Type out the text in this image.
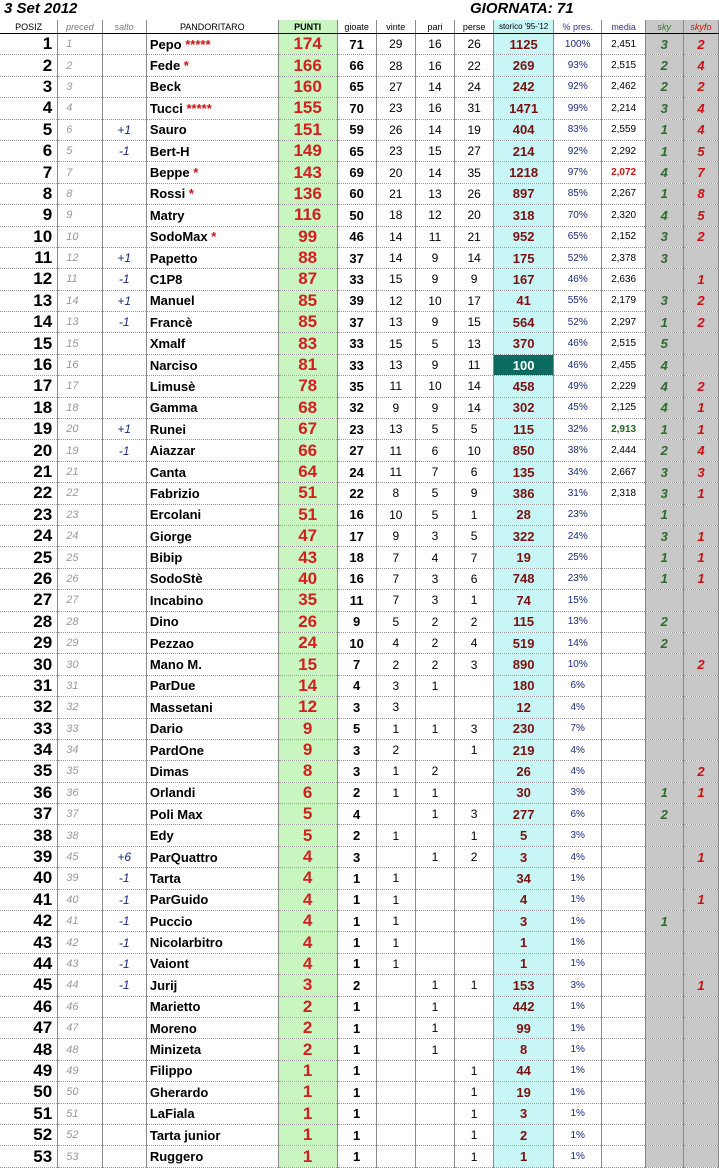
3 Set 2012	GIORNATA: 71
POSIZ	preced	salto	PANDORITARO	PUNTI	gioate	vinte	pari	perse	storico '95-'12	% pres.	media	sky	skyfo
1	1		Pepo *****	174	71	29	16	26	1125	100%	2,451	3	2
2	2		Fede *	166	66	28	16	22	269	93%	2,515	2	4
3	3		Beck	160	65	27	14	24	242	92%	2,462	2	2
4	4		Tucci *****	155	70	23	16	31	1471	99%	2,214	3	4
5	6	+1	Sauro	151	59	26	14	19	404	83%	2,559	1	4
6	5	-1	Bert-H	149	65	23	15	27	214	92%	2,292	1	5
7	7		Beppe *	143	69	20	14	35	1218	97%	2,072	4	7
8	8		Rossi *	136	60	21	13	26	897	85%	2,267	1	8
9	9		Matry	116	50	18	12	20	318	70%	2,320	4	5
10	10		SodoMax *	99	46	14	11	21	952	65%	2,152	3	2
11	12	+1	Papetto	88	37	14	9	14	175	52%	2,378	3	
12	11	-1	C1P8	87	33	15	9	9	167	46%	2,636		1
13	14	+1	Manuel	85	39	12	10	17	41	55%	2,179	3	2
14	13	-1	Francè	85	37	13	9	15	564	52%	2,297	1	2
15	15		Xmalf	83	33	15	5	13	370	46%	2,515	5	
16	16		Narciso	81	33	13	9	11	100	46%	2,455	4	
17	17		Limusè	78	35	11	10	14	458	49%	2,229	4	2
18	18		Gamma	68	32	9	9	14	302	45%	2,125	4	1
19	20	+1	Runei	67	23	13	5	5	115	32%	2,913	1	1
20	19	-1	Aiazzar	66	27	11	6	10	850	38%	2,444	2	4
21	21		Canta	64	24	11	7	6	135	34%	2,667	3	3
22	22		Fabrizio	51	22	8	5	9	386	31%	2,318	3	1
23	23		Ercolani	51	16	10	5	1	28	23%		1	
24	24		Giorge	47	17	9	3	5	322	24%		3	1
25	25		Bibip	43	18	7	4	7	19	25%		1	1
26	26		SodoStè	40	16	7	3	6	748	23%		1	1
27	27		Incabino	35	11	7	3	1	74	15%			
28	28		Dino	26	9	5	2	2	115	13%		2	
29	29		Pezzao	24	10	4	2	4	519	14%		2	
30	30		Mano M.	15	7	2	2	3	890	10%			2
31	31		ParDue	14	4	3	1		180	6%			
32	32		Massetani	12	3	3			12	4%			
33	33		Dario	9	5	1	1	3	230	7%			
34	34		PardOne	9	3	2		1	219	4%			
35	35		Dimas	8	3	1	2		26	4%			2
36	36		Orlandi	6	2	1	1		30	3%		1	1
37	37		Poli Max	5	4		1	3	277	6%		2	
38	38		Edy	5	2	1		1	5	3%			
39	45	+6	ParQuattro	4	3		1	2	3	4%			1
40	39	-1	Tarta	4	1	1			34	1%			
41	40	-1	ParGuido	4	1	1			4	1%			1
42	41	-1	Puccio	4	1	1			3	1%		1	
43	42	-1	Nicolarbitro	4	1	1			1	1%			
44	43	-1	Vaiont	4	1	1			1	1%			
45	44	-1	Jurij	3	2		1	1	153	3%			1
46	46		Marietto	2	1		1		442	1%			
47	47		Moreno	2	1		1		99	1%			
48	48		Minizeta	2	1		1		8	1%			
49	49		Filippo	1	1			1	44	1%			
50	50		Gherardo	1	1			1	19	1%			
51	51		LaFiala	1	1			1	3	1%			
52	52		Tarta junior	1	1			1	2	1%			
53	53		Ruggero	1	1			1	1	1%			
